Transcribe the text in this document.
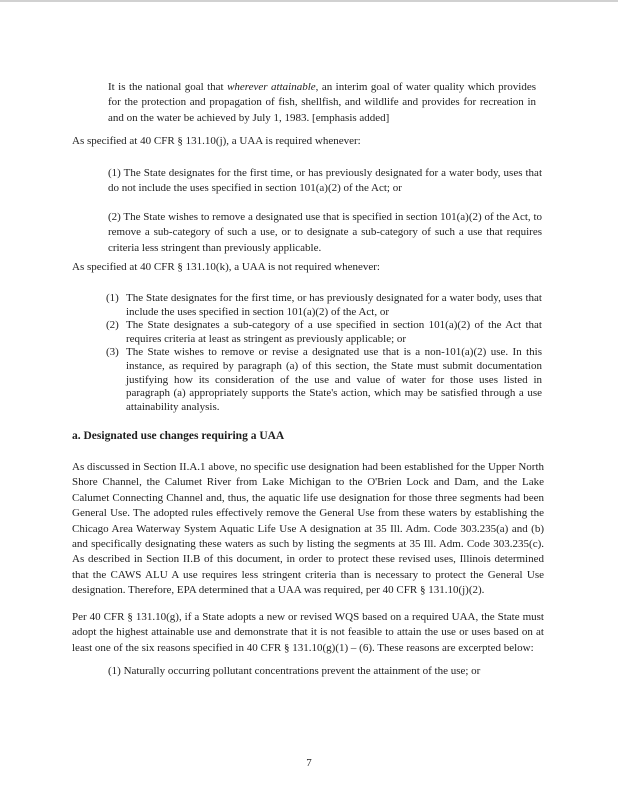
It is the national goal that wherever attainable, an interim goal of water quality which provides for the protection and propagation of fish, shellfish, and wildlife and provides for recreation in and on the water be achieved by July 1, 1983. [emphasis added]

As specified at 40 CFR § 131.10(j), a UAA is required whenever:

(1) The State designates for the first time, or has previously designated for a water body, uses that do not include the uses specified in section 101(a)(2) of the Act; or

(2) The State wishes to remove a designated use that is specified in section 101(a)(2) of the Act, to remove a sub-category of such a use, or to designate a sub-category of such a use that requires criteria less stringent than previously applicable.

As specified at 40 CFR § 131.10(k), a UAA is not required whenever:

(1) The State designates for the first time, or has previously designated for a water body, uses that include the uses specified in section 101(a)(2) of the Act, or
(2) The State designates a sub-category of a use specified in section 101(a)(2) of the Act that requires criteria at least as stringent as previously applicable; or
(3) The State wishes to remove or revise a designated use that is a non-101(a)(2) use. In this instance, as required by paragraph (a) of this section, the State must submit documentation justifying how its consideration of the use and value of water for those uses listed in paragraph (a) appropriately supports the State's action, which may be satisfied through a use attainability analysis.

a. Designated use changes requiring a UAA

As discussed in Section II.A.1 above, no specific use designation had been established for the Upper North Shore Channel, the Calumet River from Lake Michigan to the O'Brien Lock and Dam, and the Lake Calumet Connecting Channel and, thus, the aquatic life use designation for those three segments had been General Use. The adopted rules effectively remove the General Use from these waters by establishing the Chicago Area Waterway System Aquatic Life Use A designation at 35 Ill. Adm. Code 303.235(a) and (b) and specifically designating these waters as such by listing the segments at 35 Ill. Adm. Code 303.235(c). As described in Section II.B of this document, in order to protect these revised uses, Illinois determined that the CAWS ALU A use requires less stringent criteria than is necessary to protect the General Use designation. Therefore, EPA determined that a UAA was required, per 40 CFR § 131.10(j)(2).

Per 40 CFR § 131.10(g), if a State adopts a new or revised WQS based on a required UAA, the State must adopt the highest attainable use and demonstrate that it is not feasible to attain the use or uses based on at least one of the six reasons specified in 40 CFR § 131.10(g)(1) – (6). These reasons are excerpted below:

(1) Naturally occurring pollutant concentrations prevent the attainment of the use; or

7
